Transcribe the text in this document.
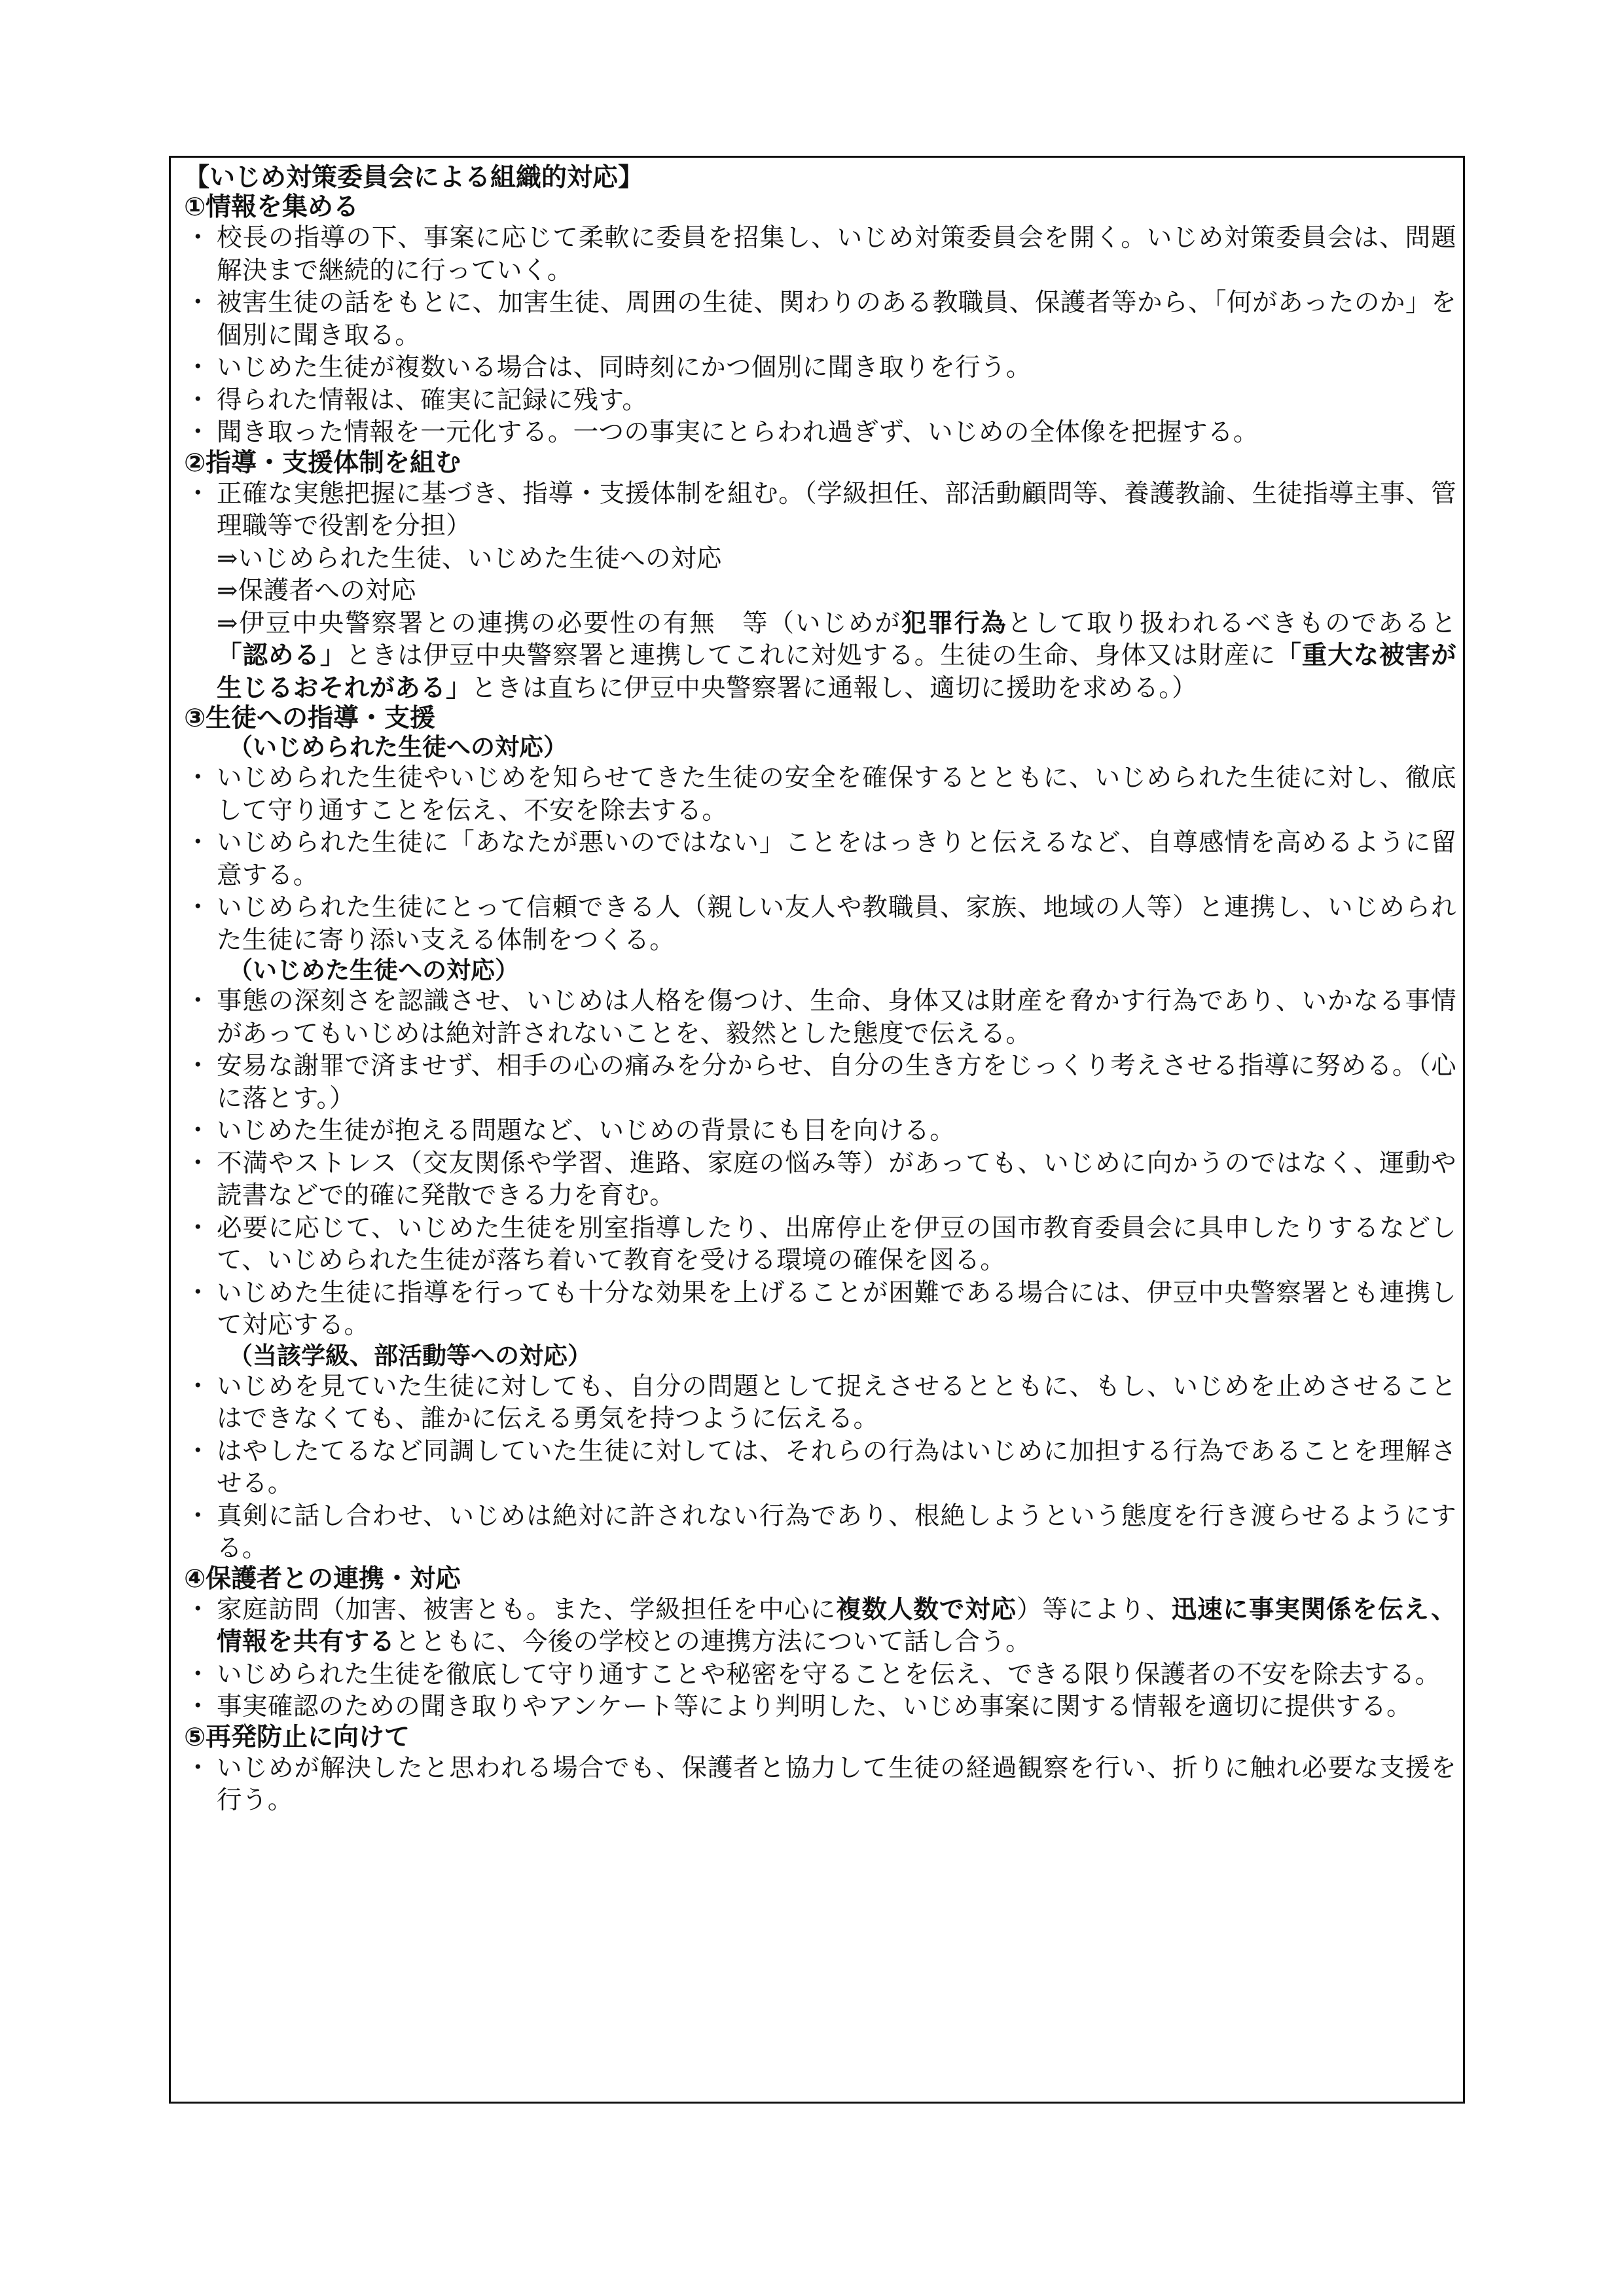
【いじめ対策委員会による組織的対応】
①情報を集める
・ 校長の指導の下、事案に応じて柔軟に委員を招集し、いじめ対策委員会を開く。いじめ対策委員会は、問題解決まで継続的に行っていく。
・ 被害生徒の話をもとに、加害生徒、周囲の生徒、関わりのある教職員、保護者等から、「何があったのか」を個別に聞き取る。
・ いじめた生徒が複数いる場合は、同時刻にかつ個別に聞き取りを行う。
・ 得られた情報は、確実に記録に残す。
・ 聞き取った情報を一元化する。一つの事実にとらわれ過ぎず、いじめの全体像を把握する。
②指導・支援体制を組む
・ 正確な実態把握に基づき、指導・支援体制を組む。（学級担任、部活動顧問等、養護教諭、生徒指導主事、管理職等で役割を分担）
⇒いじめられた生徒、いじめた生徒への対応
⇒保護者への対応
⇒伊豆中央警察署との連携の必要性の有無　等（いじめが犯罪行為として取り扱われるべきものであると「認める」ときは伊豆中央警察署と連携してこれに対処する。生徒の生命、身体又は財産に「重大な被害が生じるおそれがある」ときは直ちに伊豆中央警察署に通報し、適切に援助を求める。）
③生徒への指導・支援
（いじめられた生徒への対応）
・ いじめられた生徒やいじめを知らせてきた生徒の安全を確保するとともに、いじめられた生徒に対し、徹底して守り通すことを伝え、不安を除去する。
・ いじめられた生徒に「あなたが悪いのではない」ことをはっきりと伝えるなど、自尊感情を高めるように留意する。
・ いじめられた生徒にとって信頼できる人（親しい友人や教職員、家族、地域の人等）と連携し、いじめられた生徒に寄り添い支える体制をつくる。
（いじめた生徒への対応）
・ 事態の深刻さを認識させ、いじめは人格を傷つけ、生命、身体又は財産を脅かす行為であり、いかなる事情があってもいじめは絶対許されないことを、毅然とした態度で伝える。
・ 安易な謝罪で済ませず、相手の心の痛みを分からせ、自分の生き方をじっくり考えさせる指導に努める。（心に落とす。）
・ いじめた生徒が抱える問題など、いじめの背景にも目を向ける。
・ 不満やストレス（交友関係や学習、進路、家庭の悩み等）があっても、いじめに向かうのではなく、運動や読書などで的確に発散できる力を育む。
・ 必要に応じて、いじめた生徒を別室指導したり、出席停止を伊豆の国市教育委員会に具申したりするなどして、いじめられた生徒が落ち着いて教育を受ける環境の確保を図る。
・ いじめた生徒に指導を行っても十分な効果を上げることが困難である場合には、伊豆中央警察署とも連携して対応する。
（当該学級、部活動等への対応）
・ いじめを見ていた生徒に対しても、自分の問題として捉えさせるとともに、もし、いじめを止めさせることはできなくても、誰かに伝える勇気を持つように伝える。
・ はやしたてるなど同調していた生徒に対しては、それらの行為はいじめに加担する行為であることを理解させる。
・ 真剣に話し合わせ、いじめは絶対に許されない行為であり、根絶しようという態度を行き渡らせるようにする。
④保護者との連携・対応
・ 家庭訪問（加害、被害とも。また、学級担任を中心に複数人数で対応）等により、迅速に事実関係を伝え、情報を共有するとともに、今後の学校との連携方法について話し合う。
・ いじめられた生徒を徹底して守り通すことや秘密を守ることを伝え、できる限り保護者の不安を除去する。
・ 事実確認のための聞き取りやアンケート等により判明した、いじめ事案に関する情報を適切に提供する。
⑤再発防止に向けて
・ いじめが解決したと思われる場合でも、保護者と協力して生徒の経過観察を行い、折りに触れ必要な支援を行う。
